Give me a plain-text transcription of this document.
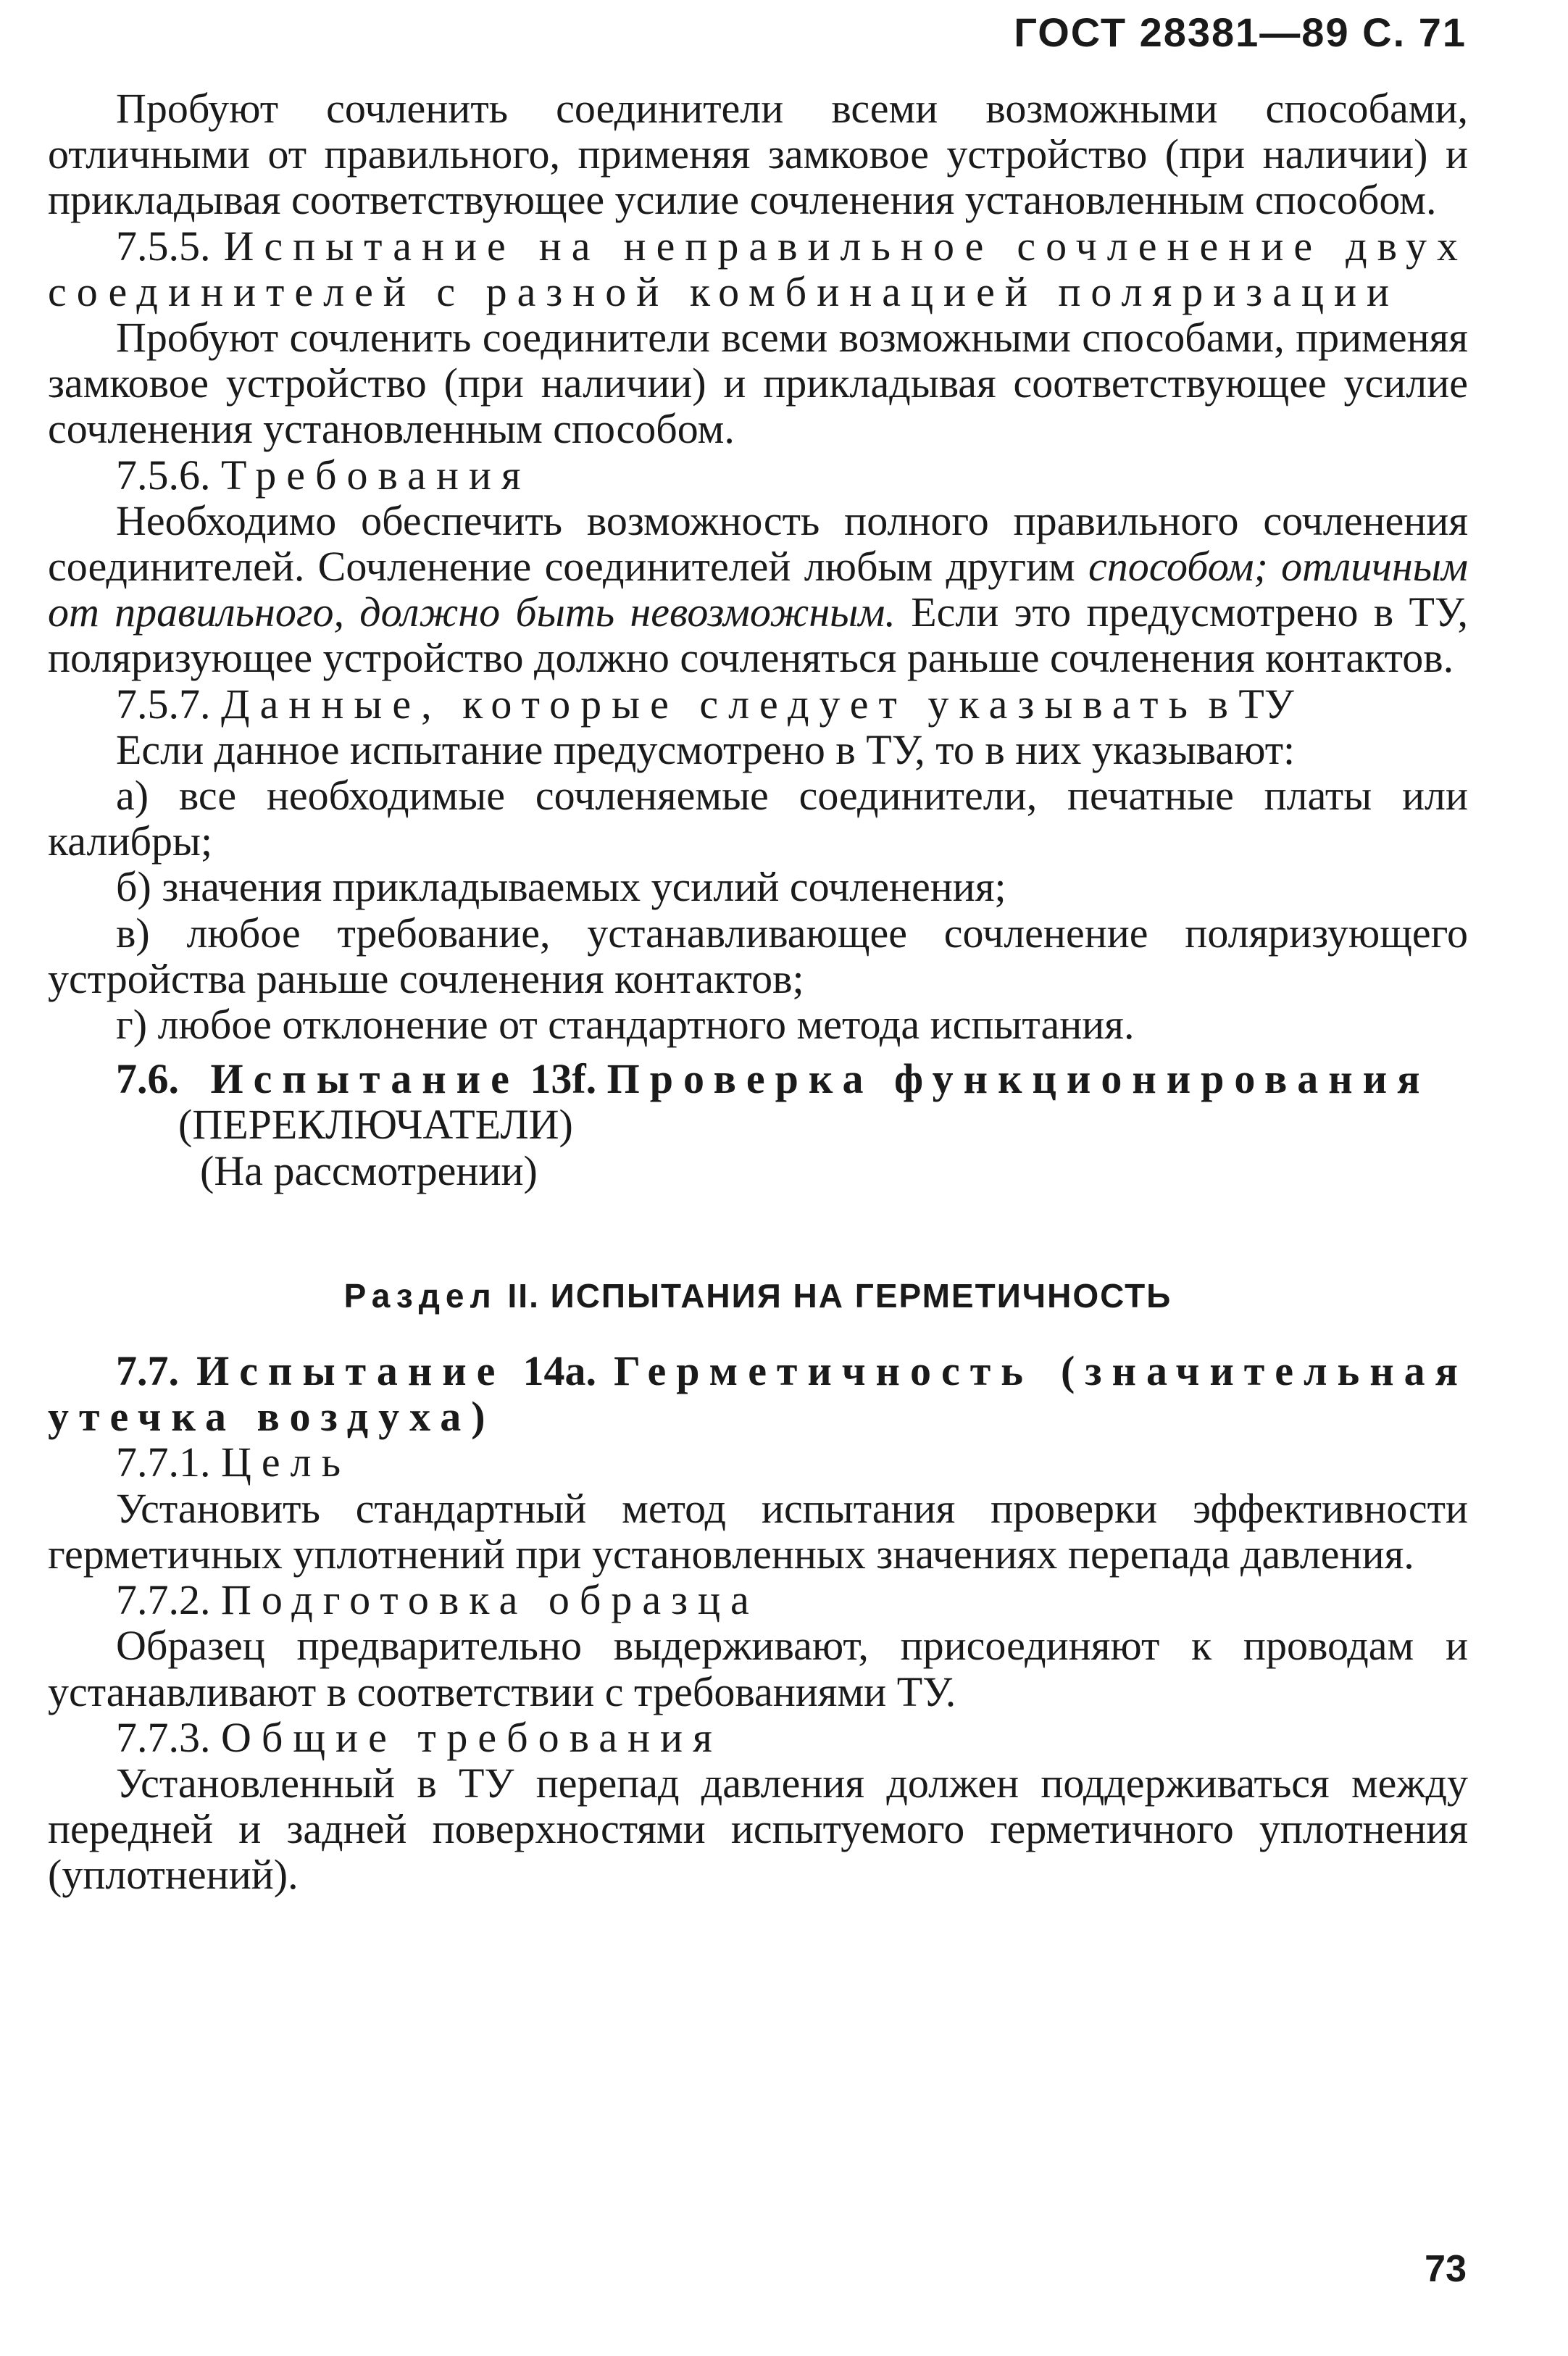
ГОСТ 28381—89 С. 71

Пробуют сочленить соединители всеми возможными способами, отличными от правильного, применяя замковое устройство (при наличии) и прикладывая соответствующее усилие сочленения установленным способом.

7.5.5. Испытание на неправильное сочленение двух соединителей с разной комбинацией поляризации

Пробуют сочленить соединители всеми возможными способами, применяя замковое устройство (при наличии) и прикладывая соответствующее усилие сочленения установленным способом.

7.5.6. Требования

Необходимо обеспечить возможность полного правильного сочленения соединителей. Сочленение соединителей любым другим способом; отличным от правильного, должно быть невозможным. Если это предусмотрено в ТУ, поляризующее устройство должно сочленяться раньше сочленения контактов.

7.5.7. Данные, которые следует указывать в ТУ

Если данное испытание предусмотрено в ТУ, то в них указывают:

а) все необходимые сочленяемые соединители, печатные платы или калибры;

б) значения прикладываемых усилий сочленения;

в) любое требование, устанавливающее сочленение поляризующего устройства раньше сочленения контактов;

г) любое отклонение от стандартного метода испытания.

7.6. Испытание 13f. Проверка функционирования

(ПЕРЕКЛЮЧАТЕЛИ)

(На рассмотрении)

Раздел II. ИСПЫТАНИЯ НА ГЕРМЕТИЧНОСТЬ

7.7. Испытание 14a. Герметичность (значительная утечка воздуха)

7.7.1. Цель

Установить стандартный метод испытания проверки эффективности герметичных уплотнений при установленных значениях перепада давления.

7.7.2. Подготовка образца

Образец предварительно выдерживают, присоединяют к проводам и устанавливают в соответствии с требованиями ТУ.

7.7.3. Общие требования

Установленный в ТУ перепад давления должен поддерживаться между передней и задней поверхностями испытуемого герметичного уплотнения (уплотнений).

73
